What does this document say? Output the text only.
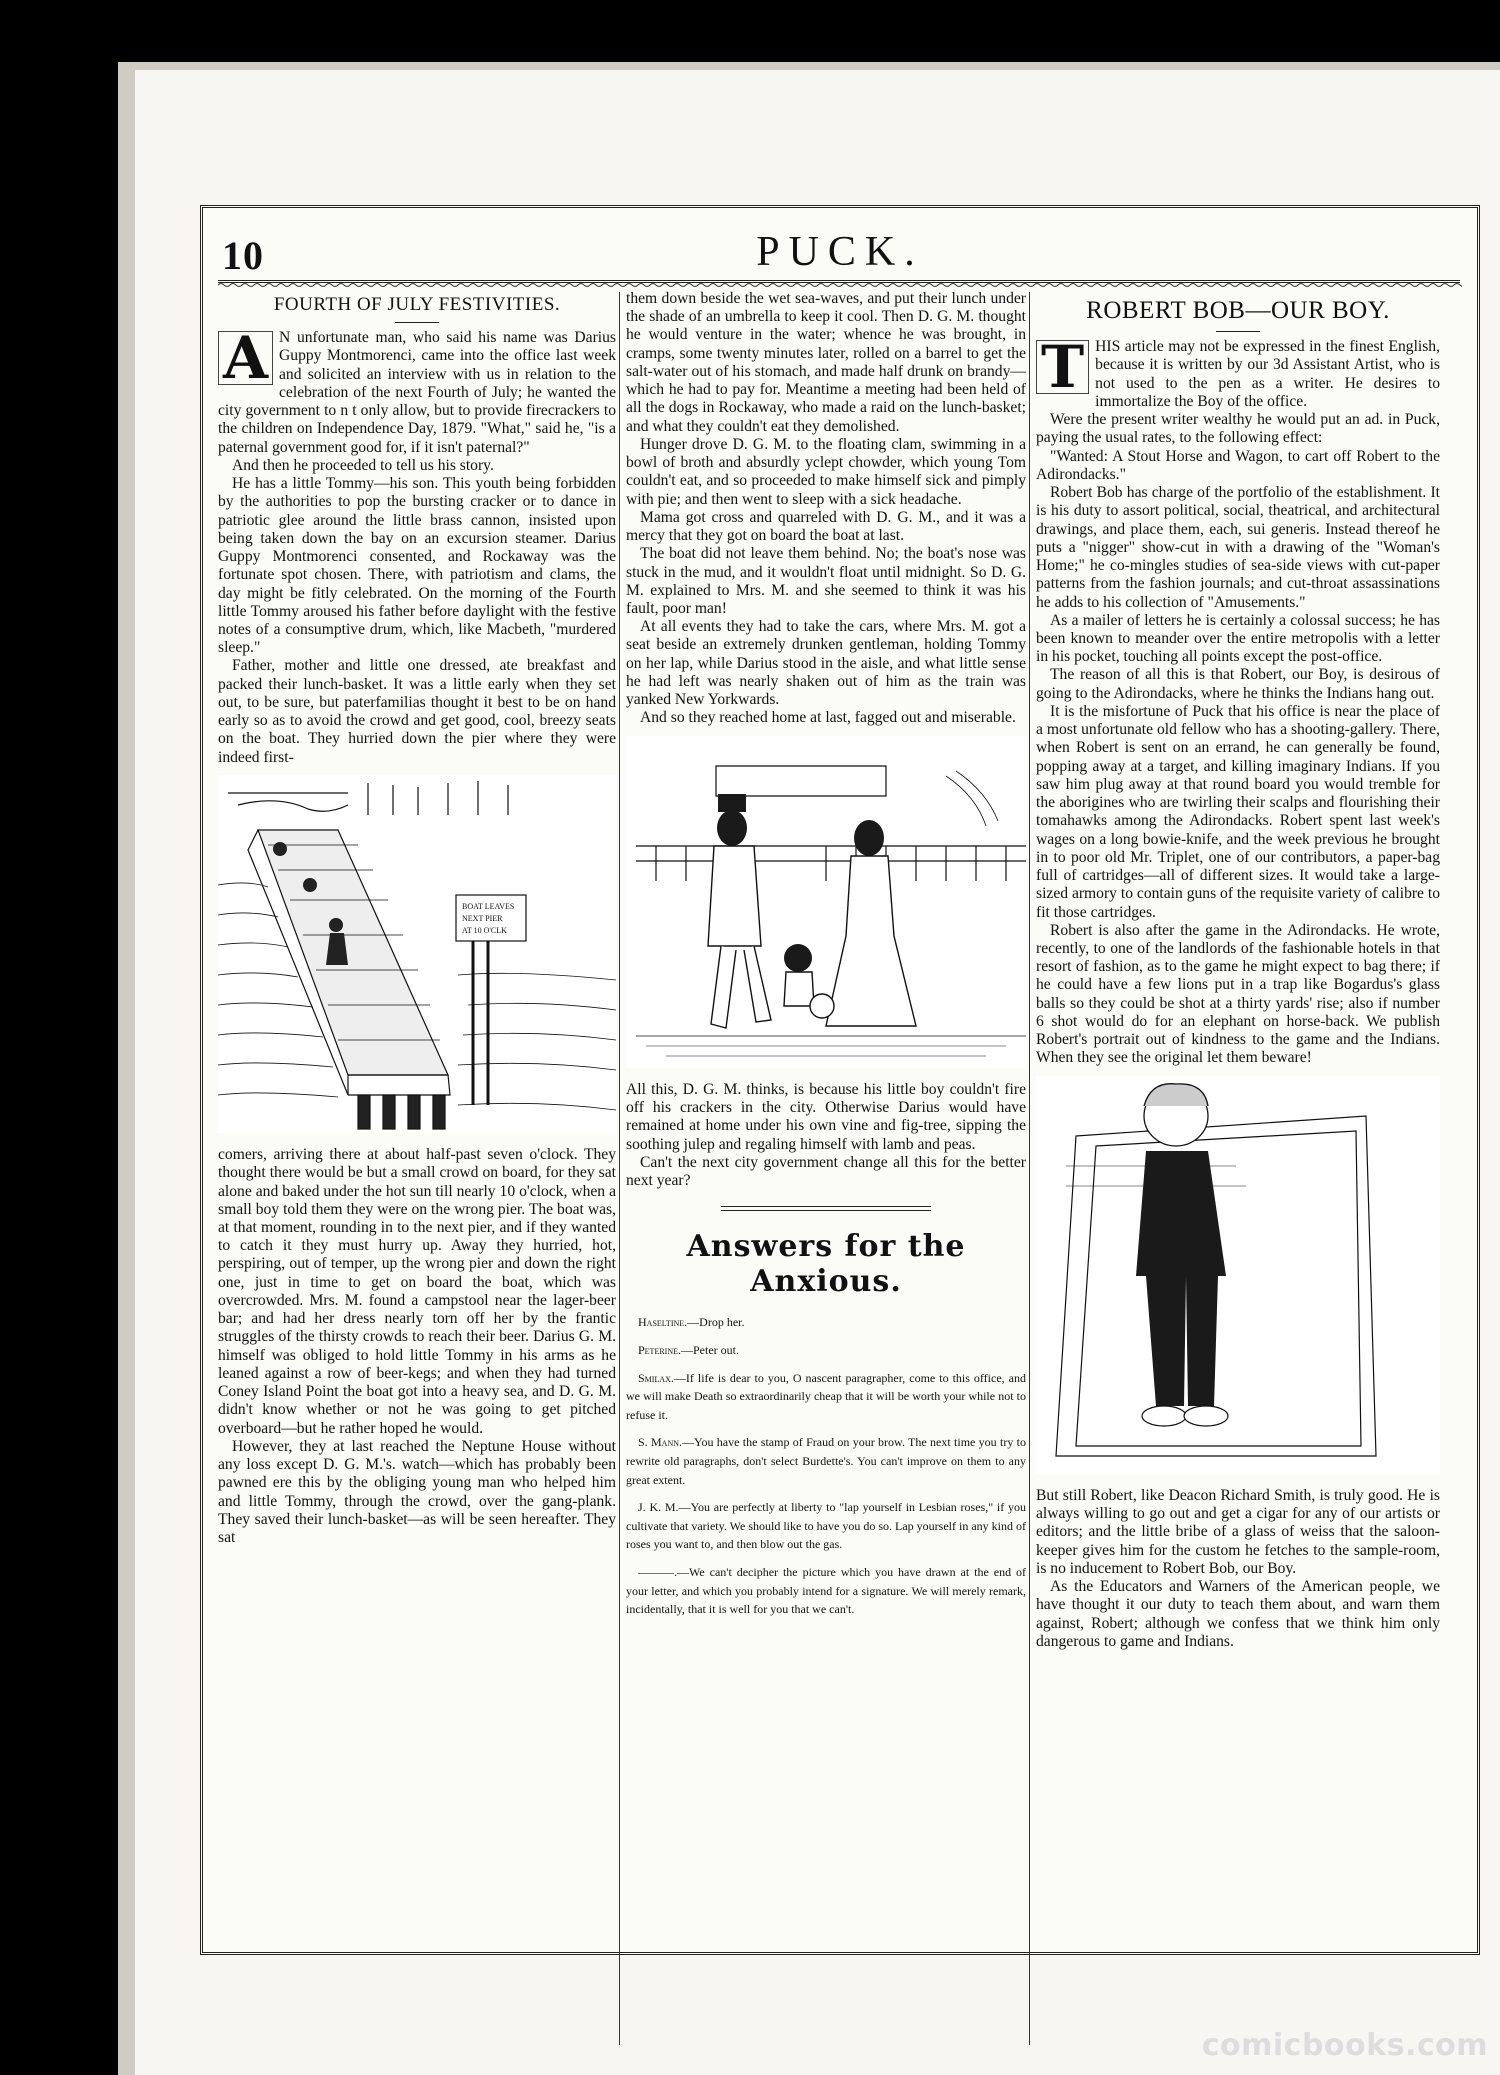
10	PUCK.
FOURTH OF JULY FESTIVITIES.

A N unfortunate man, who said his name was Darius Guppy Montmorenci, came into the office last week and solicited an interview with us in relation to the celebration of the next Fourth of July; he wanted the city government to n t only allow, but to provide firecrackers to the children on Independence Day, 1879. "What," said he, "is a paternal government good for, if it isn't paternal?"

And then he proceeded to tell us his story.

He has a little Tommy—his son. This youth being forbidden by the authorities to pop the bursting cracker or to dance in patriotic glee around the little brass cannon, insisted upon being taken down the bay on an excursion steamer. Darius Guppy Montmorenci consented, and Rockaway was the fortunate spot chosen. There, with patriotism and clams, the day might be fitly celebrated. On the morning of the Fourth little Tommy aroused his father before daylight with the festive notes of a consumptive drum, which, like Macbeth, "murdered sleep."

Father, mother and little one dressed, ate breakfast and packed their lunch-basket. It was a little early when they set out, to be sure, but paterfamilias thought it best to be on hand early so as to avoid the crowd and get good, cool, breezy seats on the boat. They hurried down the pier where they were indeed first-

BOAT LEAVES NEXT PIER AT 10 O'CLK

comers, arriving there at about half-past seven o'clock. They thought there would be but a small crowd on board, for they sat alone and baked under the hot sun till nearly 10 o'clock, when a small boy told them they were on the wrong pier. The boat was, at that moment, rounding in to the next pier, and if they wanted to catch it they must hurry up. Away they hurried, hot, perspiring, out of temper, up the wrong pier and down the right one, just in time to get on board the boat, which was overcrowded. Mrs. M. found a campstool near the lager-beer bar; and had her dress nearly torn off her by the frantic struggles of the thirsty crowds to reach their beer. Darius G. M. himself was obliged to hold little Tommy in his arms as he leaned against a row of beer-kegs; and when they had turned Coney Island Point the boat got into a heavy sea, and D. G. M. didn't know whether or not he was going to get pitched overboard—but he rather hoped he would.

However, they at last reached the Neptune House without any loss except D. G. M.'s. watch—which has probably been pawned ere this by the obliging young man who helped him and little Tommy, through the crowd, over the gang-plank. They saved their lunch-basket—as will be seen hereafter. They sat

them down beside the wet sea-waves, and put their lunch under the shade of an umbrella to keep it cool. Then D. G. M. thought he would venture in the water; whence he was brought, in cramps, some twenty minutes later, rolled on a barrel to get the salt-water out of his stomach, and made half drunk on brandy—which he had to pay for. Meantime a meeting had been held of all the dogs in Rockaway, who made a raid on the lunch-basket; and what they couldn't eat they demolished.

Hunger drove D. G. M. to the floating clam, swimming in a bowl of broth and absurdly yclept chowder, which young Tom couldn't eat, and so proceeded to make himself sick and pimply with pie; and then went to sleep with a sick headache.

Mama got cross and quarreled with D. G. M., and it was a mercy that they got on board the boat at last.

The boat did not leave them behind. No; the boat's nose was stuck in the mud, and it wouldn't float until midnight. So D. G. M. explained to Mrs. M. and she seemed to think it was his fault, poor man!

At all events they had to take the cars, where Mrs. M. got a seat beside an extremely drunken gentleman, holding Tommy on her lap, while Darius stood in the aisle, and what little sense he had left was nearly shaken out of him as the train was yanked New Yorkwards.

And so they reached home at last, fagged out and miserable.

All this, D. G. M. thinks, is because his little boy couldn't fire off his crackers in the city. Otherwise Darius would have remained at home under his own vine and fig-tree, sipping the soothing julep and regaling himself with lamb and peas.

Can't the next city government change all this for the better next year?

Answers for the Anxious.

Haseltine.—Drop her.

Peterine.—Peter out.

Smilax.—If life is dear to you, O nascent paragrapher, come to this office, and we will make Death so extraordinarily cheap that it will be worth your while not to refuse it.

S. Mann.—You have the stamp of Fraud on your brow. The next time you try to rewrite old paragraphs, don't select Burdette's. You can't improve on them to any great extent.

J. K. M.—You are perfectly at liberty to "lap yourself in Lesbian roses," if you cultivate that variety. We should like to have you do so. Lap yourself in any kind of roses you want to, and then blow out the gas.

———.—We can't decipher the picture which you have drawn at the end of your letter, and which you probably intend for a signature. We will merely remark, incidentally, that it is well for you that we can't.

ROBERT BOB—OUR BOY.

T HIS article may not be expressed in the finest English, because it is written by our 3d Assistant Artist, who is not used to the pen as a writer. He desires to immortalize the Boy of the office.

Were the present writer wealthy he would put an ad. in Puck, paying the usual rates, to the following effect:

"Wanted: A Stout Horse and Wagon, to cart off Robert to the Adirondacks."

Robert Bob has charge of the portfolio of the establishment. It is his duty to assort political, social, theatrical, and architectural drawings, and place them, each, sui generis. Instead thereof he puts a "nigger" show-cut in with a drawing of the "Woman's Home;" he co-mingles studies of sea-side views with cut-paper patterns from the fashion journals; and cut-throat assassinations he adds to his collection of "Amusements."

As a mailer of letters he is certainly a colossal success; he has been known to meander over the entire metropolis with a letter in his pocket, touching all points except the post-office.

The reason of all this is that Robert, our Boy, is desirous of going to the Adirondacks, where he thinks the Indians hang out.

It is the misfortune of Puck that his office is near the place of a most unfortunate old fellow who has a shooting-gallery. There, when Robert is sent on an errand, he can generally be found, popping away at a target, and killing imaginary Indians. If you saw him plug away at that round board you would tremble for the aborigines who are twirling their scalps and flourishing their tomahawks among the Adirondacks. Robert spent last week's wages on a long bowie-knife, and the week previous he brought in to poor old Mr. Triplet, one of our contributors, a paper-bag full of cartridges—all of different sizes. It would take a large-sized armory to contain guns of the requisite variety of calibre to fit those cartridges.

Robert is also after the game in the Adirondacks. He wrote, recently, to one of the landlords of the fashionable hotels in that resort of fashion, as to the game he might expect to bag there; if he could have a few lions put in a trap like Bogardus's glass balls so they could be shot at a thirty yards' rise; also if number 6 shot would do for an elephant on horse-back. We publish Robert's portrait out of kindness to the game and the Indians. When they see the original let them beware!

But still Robert, like Deacon Richard Smith, is truly good. He is always willing to go out and get a cigar for any of our artists or editors; and the little bribe of a glass of weiss that the saloon-keeper gives him for the custom he fetches to the sample-room, is no inducement to Robert Bob, our Boy.

As the Educators and Warners of the American people, we have thought it our duty to teach them about, and warn them against, Robert; although we confess that we think him only dangerous to game and Indians.

comicbooks.com
